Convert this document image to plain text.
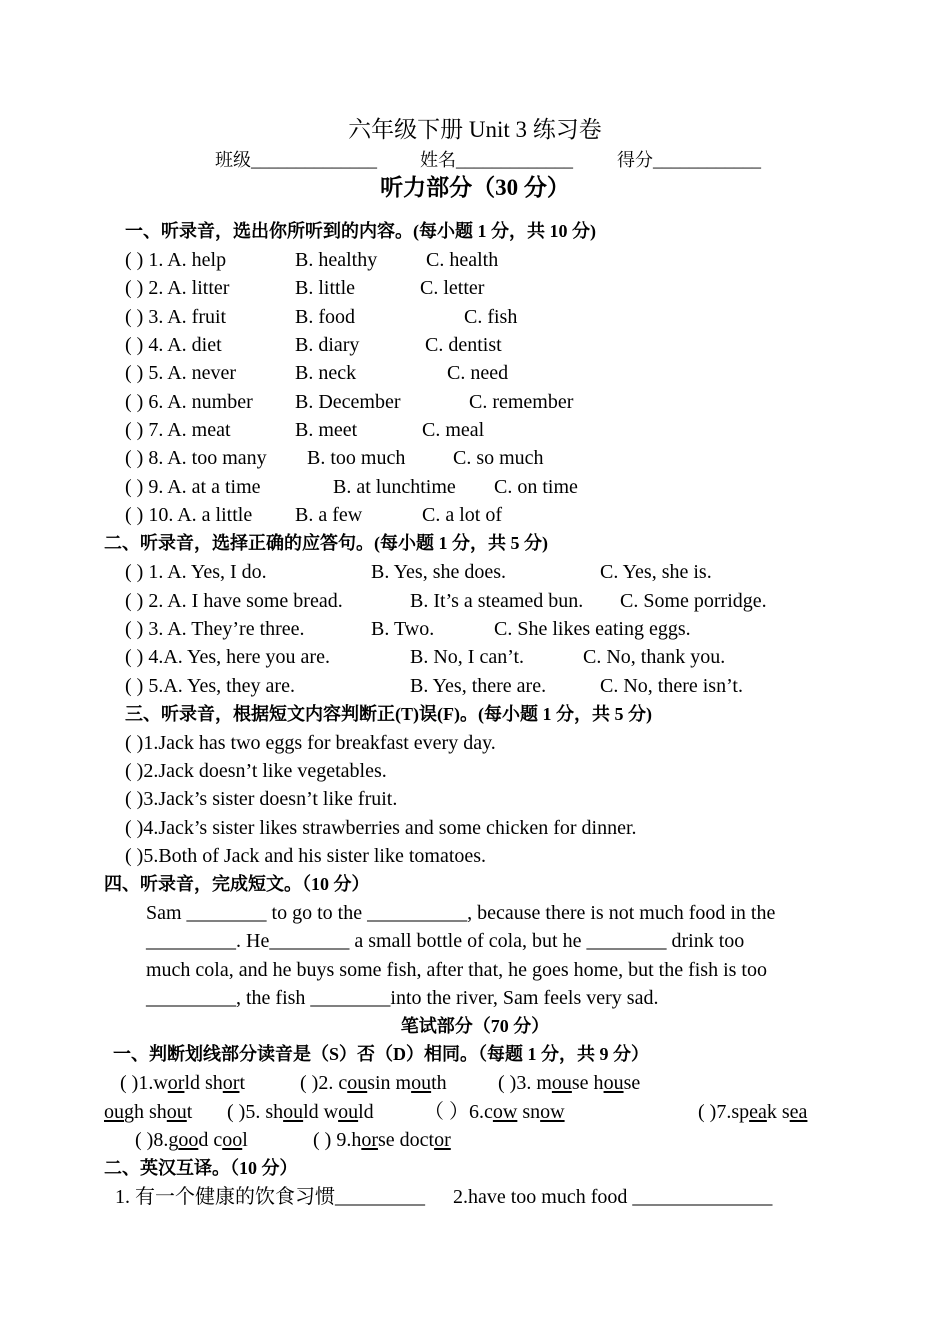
六年级下册 Unit 3 练习卷
班级______________ 姓名_____________ 得分____________
听力部分（30 分）
一、听录音，选出你所听到的内容。(每小题 1 分，共 10 分)
( ) 1. A. help	B. healthy C. health
( ) 2. A. litter	B. little	C. letter
( ) 3. A. fruit	B. food	C. fish
( ) 4. A. diet	B. diary	C. dentist
( ) 5. A. never	B. neck	C. need
( ) 6. A. number B. December	C. remember
( ) 7. A. meat	B. meet	C. meal
( ) 8. A. too many B. too much C. so much
( ) 9. A. at a time	B. at lunchtime C. on time
( ) 10. A. a little B. a few	C. a lot of
二、听录音，选择正确的应答句。(每小题 1 分，共 5 分)
( ) 1. A. Yes, I do.	B. Yes, she does.	C. Yes, she is.
( ) 2. A. I have some bread.	B. It’s a steamed bun. C. Some porridge.
( ) 3. A. They’re three.	B. Two.	C. She likes eating eggs.
( ) 4.A. Yes, here you are.	B. No, I can’t.	C. No, thank you.
( ) 5.A. Yes, they are.	B. Yes, there are.	C. No, there isn’t.
三、听录音，根据短文内容判断正(T)误(F)。(每小题 1 分，共 5 分)
( )1.Jack has two eggs for breakfast every day.
( )2.Jack doesn’t like vegetables.
( )3.Jack’s sister doesn’t like fruit.
( )4.Jack’s sister likes strawberries and some chicken for dinner.
( )5.Both of Jack and his sister like tomatoes.
四、听录音，完成短文。（10 分）
Sam ________ to go to the __________, because there is not much food in the
_________. He________ a small bottle of cola, but he ________ drink too
much cola, and he buys some fish, after that, he goes home, but the fish is too
_________, the fish ________into the river, Sam feels very sad.
笔试部分（70 分）
一、判断划线部分读音是（S）否（D）相同。（每题 1 分，共 9 分）
( )1.world short	( )2. cousin mouth	( )3. mouse house
ough shout ( )5. should would	（ ）6.cow snow	( )7.speak sea
( )8.good cool	( ) 9.horse doctor
二、英汉互译。（10 分）
1. 有一个健康的饮食习惯_________ 2.have too much food ______________
